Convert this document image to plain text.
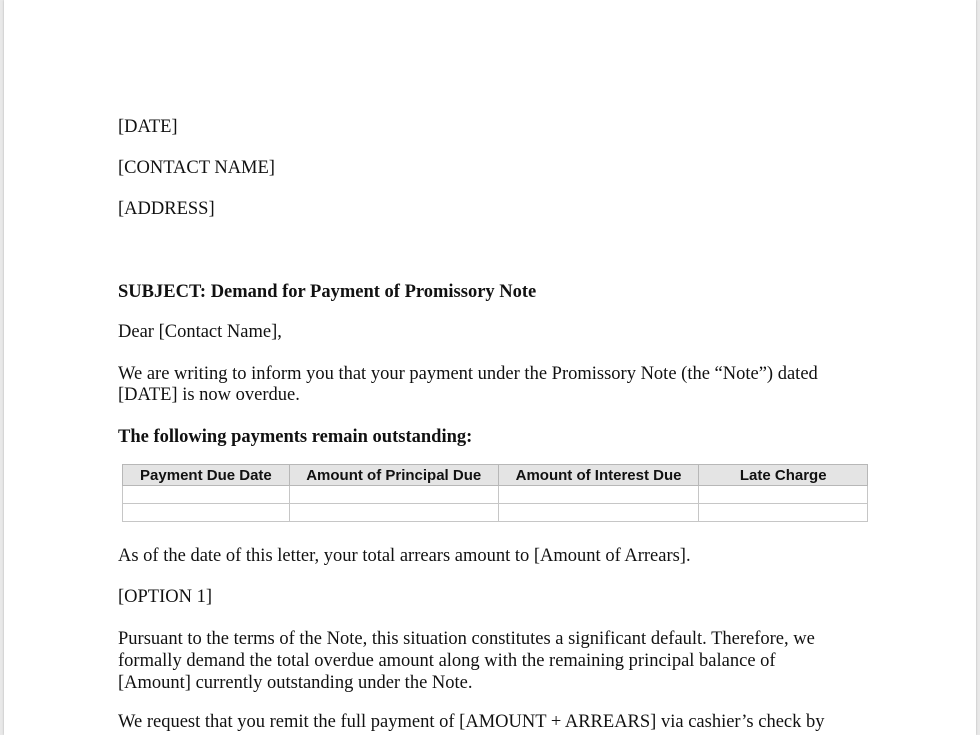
[DATE]
[CONTACT NAME]
[ADDRESS]
SUBJECT: Demand for Payment of Promissory Note
Dear [Contact Name],
We are writing to inform you that your payment under the Promissory Note (the “Note”) dated
[DATE] is now overdue.
The following payments remain outstanding:
As of the date of this letter, your total arrears amount to [Amount of Arrears].
[OPTION 1]
Pursuant to the terms of the Note, this situation constitutes a significant default. Therefore, we
formally demand the total overdue amount along with the remaining principal balance of
[Amount] currently outstanding under the Note.
We request that you remit the full payment of [AMOUNT + ARREARS] via cashier’s check by
Payment Due Date	Amount of Principal Due	Amount of Interest Due	Late Charge
